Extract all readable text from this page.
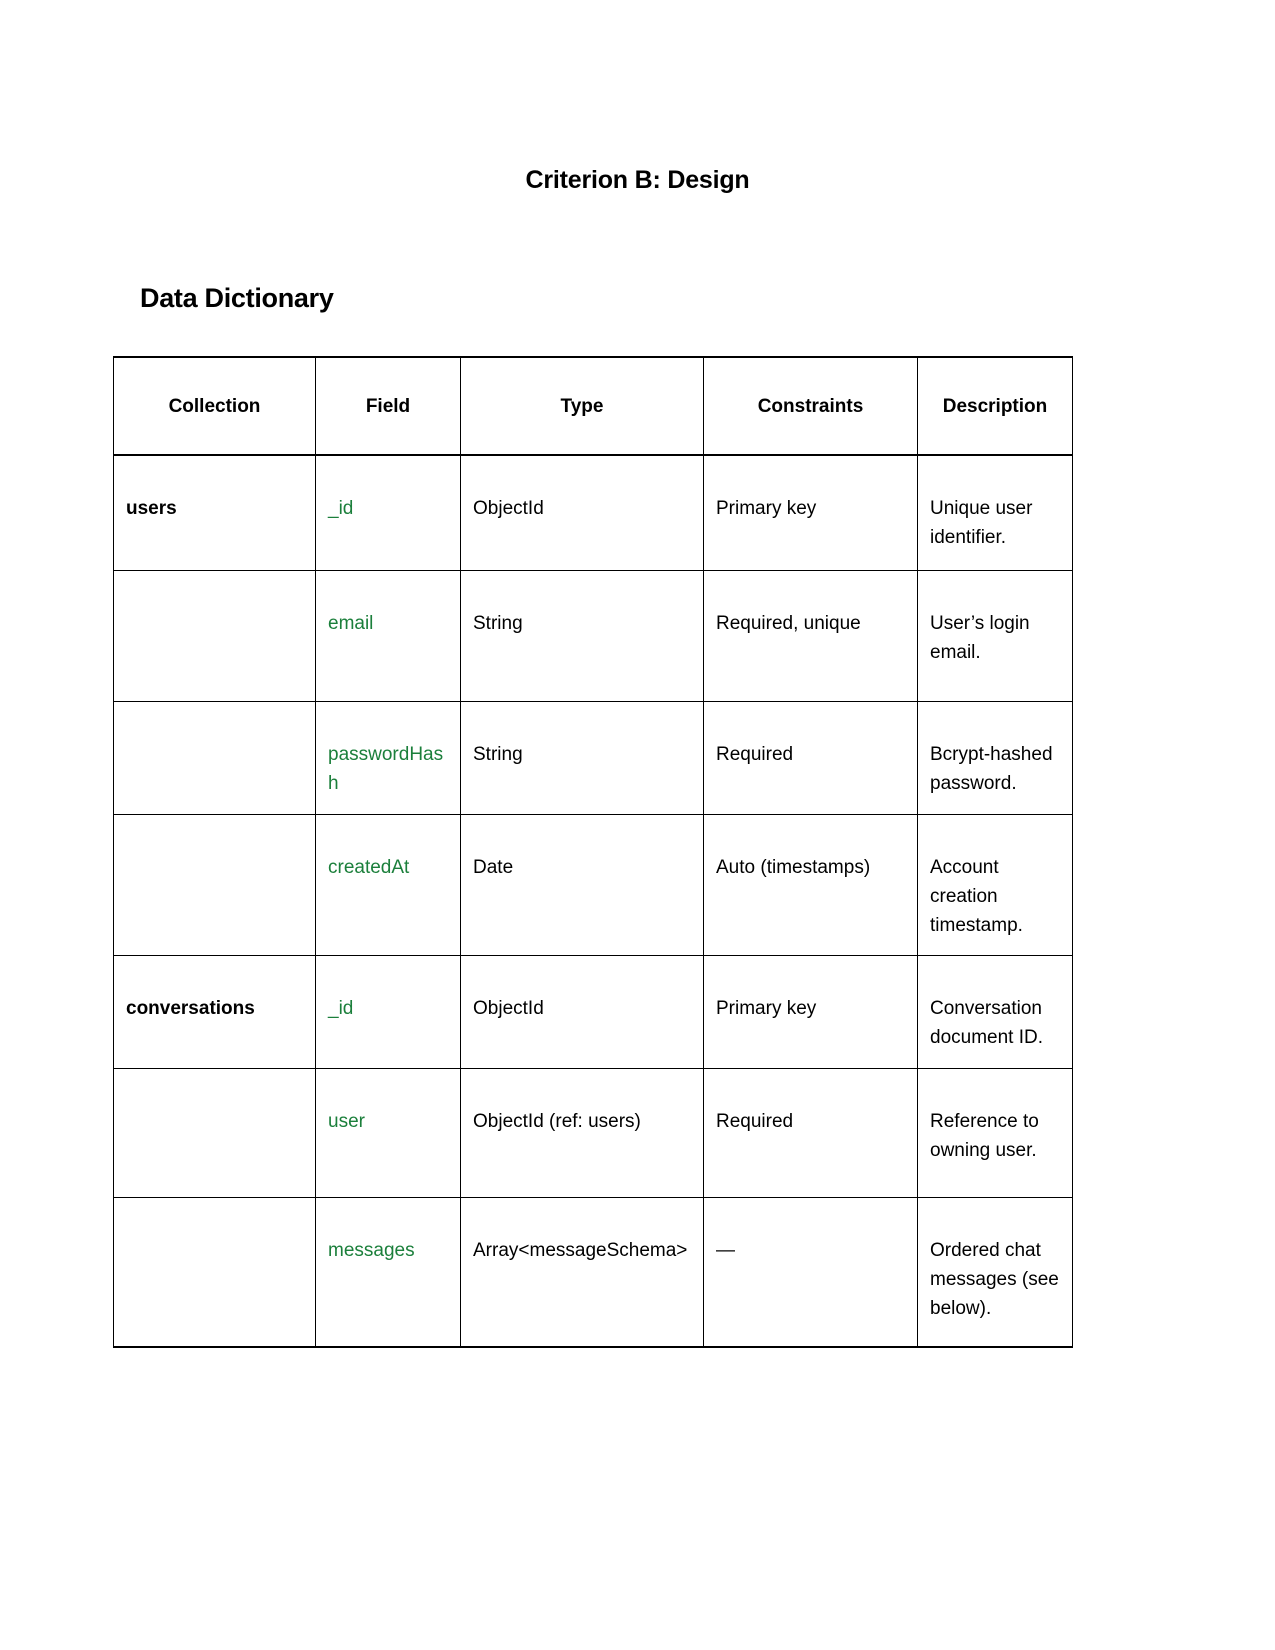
Criterion B: Design
Data Dictionary
Collection	Field	Type	Constraints	Description

users	_id	ObjectId	Primary key	Unique user identifier.

	email	String	Required, unique	User’s login email.

	passwordHash	String	Required	Bcrypt-hashed password.

	createdAt	Date	Auto (timestamps)	Account creation timestamp.

conversations	_id	ObjectId	Primary key	Conversation document ID.

	user	ObjectId (ref: users)	Required	Reference to owning user.

	messages	Array<messageSchema>	—	Ordered chat messages (see below).
